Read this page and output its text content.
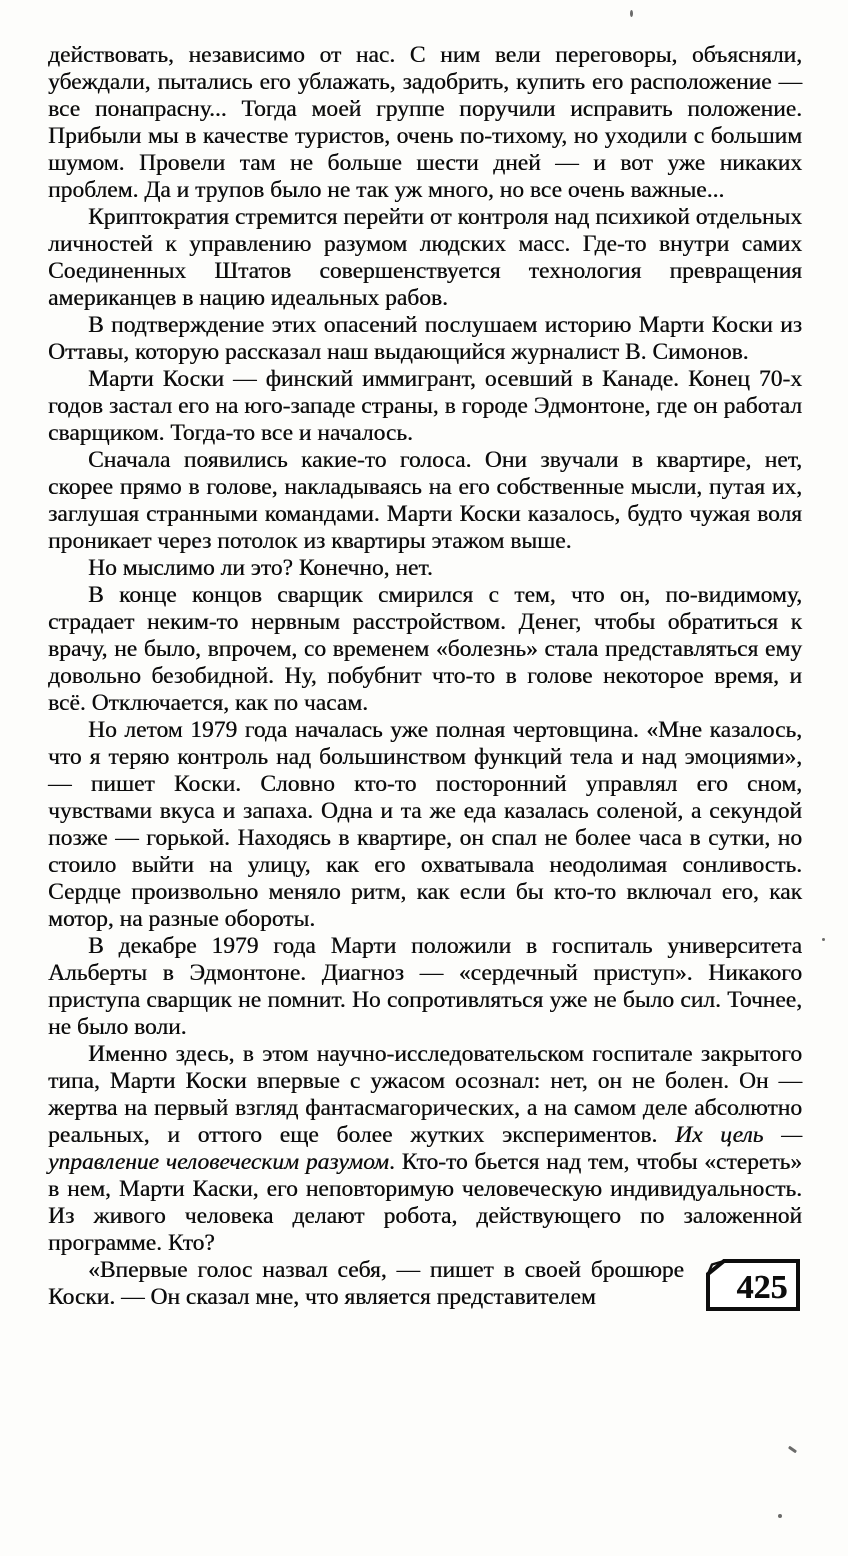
действовать, независимо от нас. С ним вели переговоры, объясняли, убеждали, пытались его ублажать, задобрить, купить его расположение — все понапрасну... Тогда моей группе поручили исправить положение. Прибыли мы в качестве туристов, очень по-тихому, но уходили с большим шумом. Провели там не больше шести дней — и вот уже никаких проблем. Да и трупов было не так уж много, но все очень важные...

Криптократия стремится перейти от контроля над психикой отдельных личностей к управлению разумом людских масс. Где-то внутри самих Соединенных Штатов совершенствуется технология превращения американцев в нацию идеальных рабов.

В подтверждение этих опасений послушаем историю Марти Коски из Оттавы, которую рассказал наш выдающийся журналист В. Симонов.

Марти Коски — финский иммигрант, осевший в Канаде. Конец 70-х годов застал его на юго-западе страны, в городе Эдмонтоне, где он работал сварщиком. Тогда-то все и началось.

Сначала появились какие-то голоса. Они звучали в квартире, нет, скорее прямо в голове, накладываясь на его собственные мысли, путая их, заглушая странными командами. Марти Коски казалось, будто чужая воля проникает через потолок из квартиры этажом выше.

Но мыслимо ли это? Конечно, нет.

В конце концов сварщик смирился с тем, что он, по-видимому, страдает неким-то нервным расстройством. Денег, чтобы обратиться к врачу, не было, впрочем, со временем «болезнь» стала представляться ему довольно безобидной. Ну, побубнит что-то в голове некоторое время, и всё. Отключается, как по часам.

Но летом 1979 года началась уже полная чертовщина. «Мне казалось, что я теряю контроль над большинством функций тела и над эмоциями», — пишет Коски. Словно кто-то посторонний управлял его сном, чувствами вкуса и запаха. Одна и та же еда казалась соленой, а секундой позже — горькой. Находясь в квартире, он спал не более часа в сутки, но стоило выйти на улицу, как его охватывала неодолимая сонливость. Сердце произвольно меняло ритм, как если бы кто-то включал его, как мотор, на разные обороты.

В декабре 1979 года Марти положили в госпиталь университета Альберты в Эдмонтоне. Диагноз — «сердечный приступ». Никакого приступа сварщик не помнит. Но сопротивляться уже не было сил. Точнее, не было воли.

Именно здесь, в этом научно-исследовательском госпитале закрытого типа, Марти Коски впервые с ужасом осознал: нет, он не болен. Он — жертва на первый взгляд фантасмагорических, а на самом деле абсолютно реальных, и оттого еще более жутких экспериментов. Их цель — управление человеческим разумом. Кто-то бьется над тем, чтобы «стереть» в нем, Марти Каски, его неповторимую человеческую индивидуальность. Из живого человека делают робота, действующего по заложенной программе. Кто?

425
«Впервые голос назвал себя, — пишет в своей брошюре Коски. — Он сказал мне, что является представителем
